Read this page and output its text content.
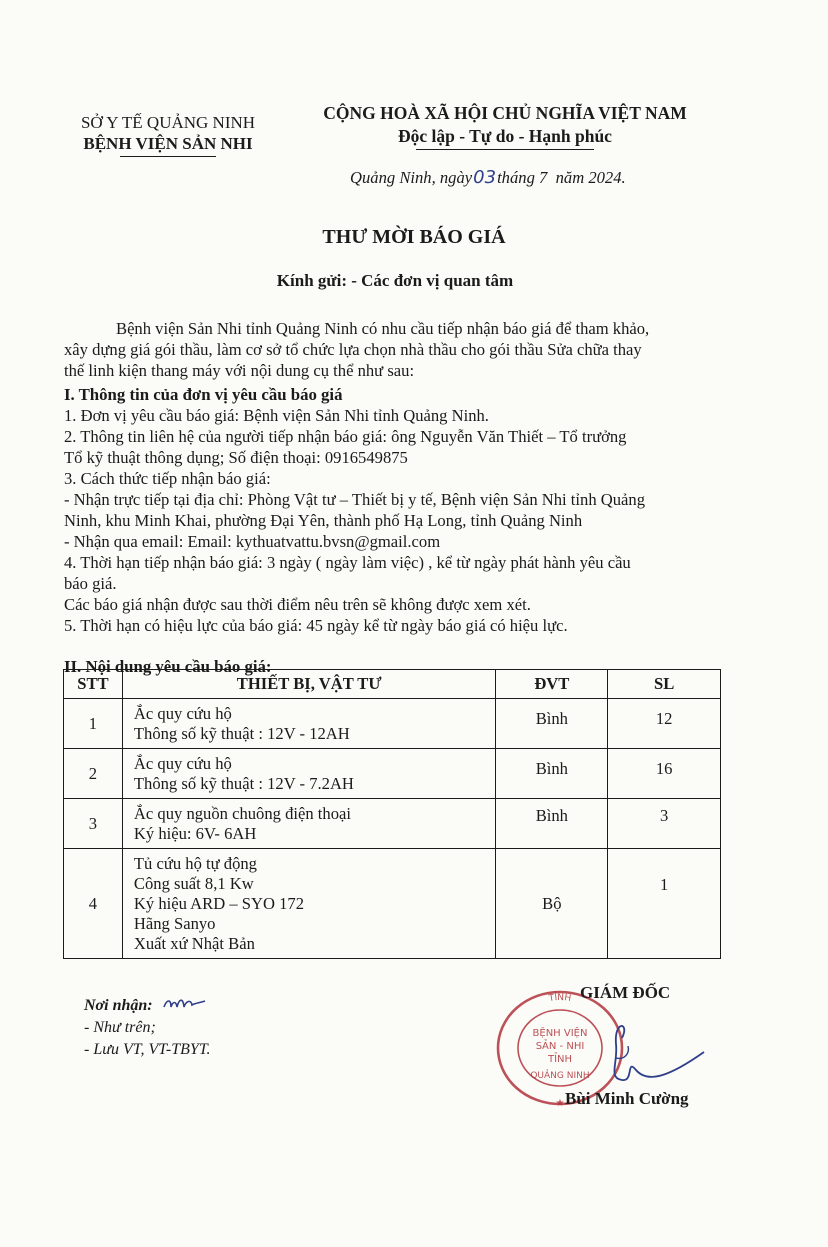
SỞ Y TẾ QUẢNG NINH
BỆNH VIỆN SẢN NHI
CỘNG HOÀ XÃ HỘI CHỦ NGHĨA VIỆT NAM
Độc lập - Tự do - Hạnh phúc
Quảng Ninh, ngày03tháng 7 năm 2024.
THƯ MỜI BÁO GIÁ
Kính gửi: - Các đơn vị quan tâm
Bệnh viện Sản Nhi tỉnh Quảng Ninh có nhu cầu tiếp nhận báo giá để tham khảo,
xây dựng giá gói thầu, làm cơ sở tổ chức lựa chọn nhà thầu cho gói thầu Sửa chữa thay
thế linh kiện thang máy với nội dung cụ thể như sau:
I. Thông tin của đơn vị yêu cầu báo giá
1. Đơn vị yêu cầu báo giá: Bệnh viện Sản Nhi tỉnh Quảng Ninh.
2. Thông tin liên hệ của người tiếp nhận báo giá: ông Nguyễn Văn Thiết – Tổ trưởng
Tổ kỹ thuật thông dụng; Số điện thoại: 0916549875
3. Cách thức tiếp nhận báo giá:
- Nhận trực tiếp tại địa chỉ: Phòng Vật tư – Thiết bị y tế, Bệnh viện Sản Nhi tỉnh Quảng
Ninh, khu Minh Khai, phường Đại Yên, thành phố Hạ Long, tỉnh Quảng Ninh
- Nhận qua email: Email: kythuatvattu.bvsn@gmail.com
4. Thời hạn tiếp nhận báo giá: 3 ngày ( ngày làm việc) , kể từ ngày phát hành yêu cầu
báo giá.
Các báo giá nhận được sau thời điểm nêu trên sẽ không được xem xét.
5. Thời hạn có hiệu lực của báo giá: 45 ngày kể từ ngày báo giá có hiệu lực.
II. Nội dung yêu cầu báo giá:
STT	THIẾT BỊ, VẬT TƯ	ĐVT	SL
1	Ắc quy cứu hộ
Thông số kỹ thuật : 12V - 12AH	Bình	12
2	Ắc quy cứu hộ
Thông số kỹ thuật : 12V - 7.2AH	Bình	16
3	Ắc quy nguồn chuông điện thoại
Ký hiệu: 6V- 6AH	Bình	3
4	Tủ cứu hộ tự động
Công suất 8,1 Kw
Ký hiệu ARD – SYO 172
Hãng Sanyo
Xuất xứ Nhật Bản	Bộ	1
Nơi nhận:
- Như trên;
- Lưu VT, VT-TBYT.
TỈNH
BỆNH VIỆN
SẢN - NHI
TỈNH
QUẢNG NINH
★
GIÁM ĐỐC
Bùi Minh Cường
